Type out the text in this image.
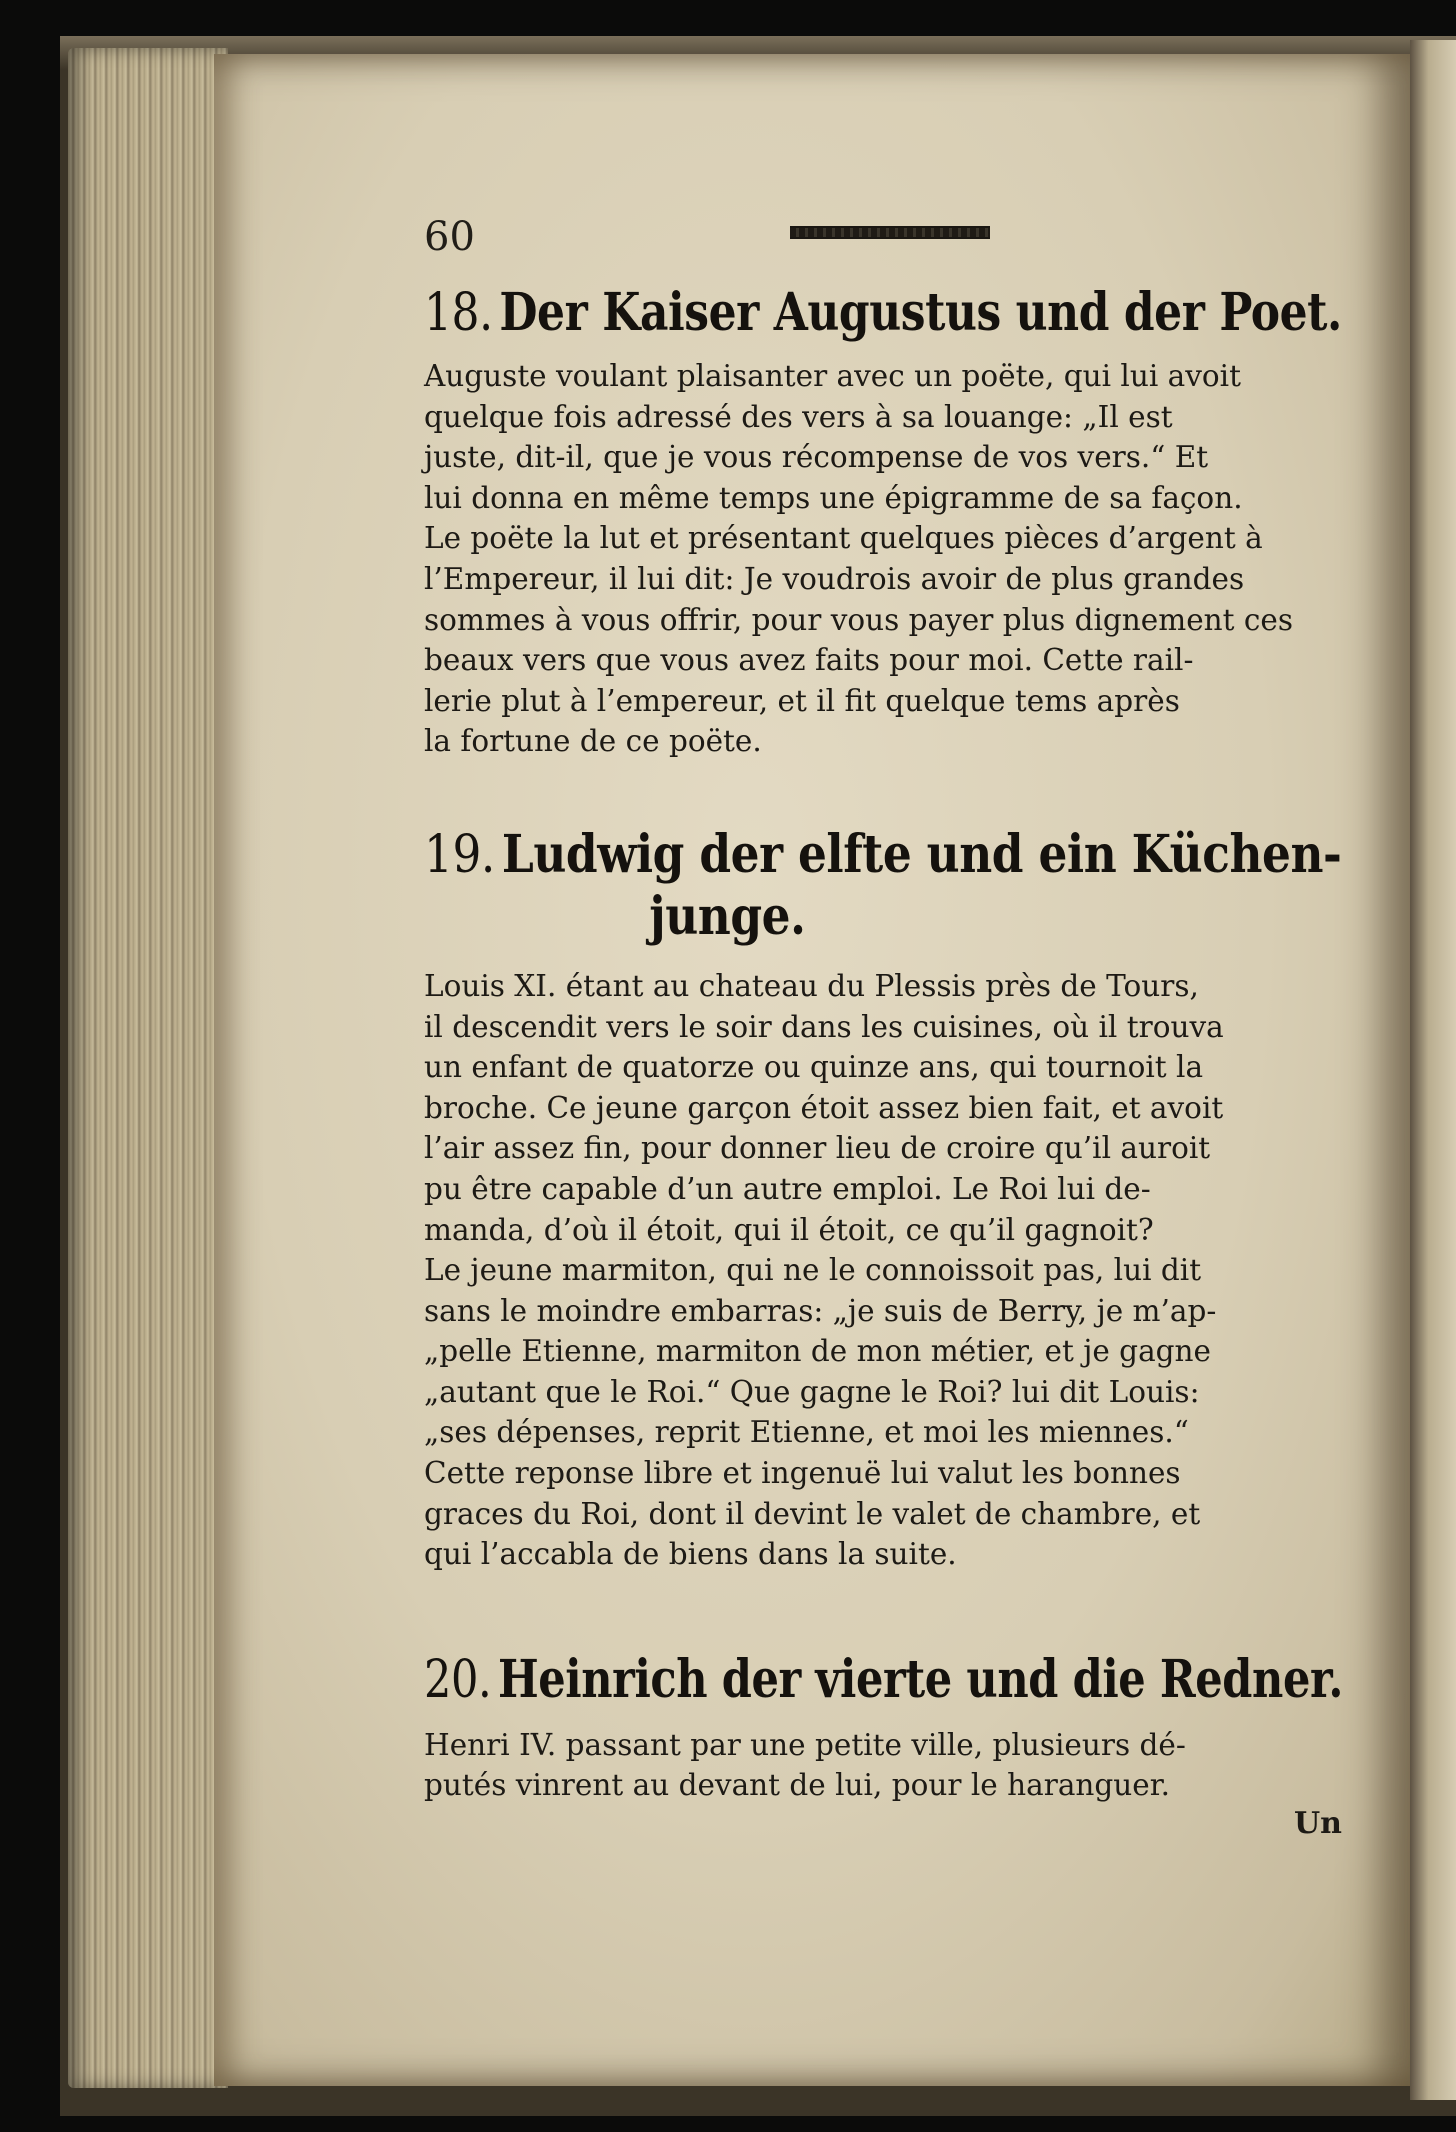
60
18. Der Kaiser Augustus und der Poet.

Auguste voulant plaisanter avec un poëte, qui lui avoit
quelque fois adressé des vers à sa louange: „Il est
juste, dit-il, que je vous récompense de vos vers.“ Et
lui donna en même temps une épigramme de sa façon.
Le poëte la lut et présentant quelques pièces d’argent à
l’Empereur, il lui dit: Je voudrois avoir de plus grandes
sommes à vous offrir, pour vous payer plus dignement ces
beaux vers que vous avez faits pour moi. Cette rail-
lerie plut à l’empereur, et il fit quelque tems après
la fortune de ce poëte.

19. Ludwig der elfte und ein Küchen-
junge.

Louis XI. étant au chateau du Plessis près de Tours,
il descendit vers le soir dans les cuisines, où il trouva
un enfant de quatorze ou quinze ans, qui tournoit la
broche. Ce jeune garçon étoit assez bien fait, et avoit
l’air assez fin, pour donner lieu de croire qu’il auroit
pu être capable d’un autre emploi. Le Roi lui de-
manda, d’où il étoit, qui il étoit, ce qu’il gagnoit?
Le jeune marmiton, qui ne le connoissoit pas, lui dit
sans le moindre embarras: „je suis de Berry, je m’ap-
„pelle Etienne, marmiton de mon métier, et je gagne
„autant que le Roi.“ Que gagne le Roi? lui dit Louis:
„ses dépenses, reprit Etienne, et moi les miennes.“
Cette reponse libre et ingenuë lui valut les bonnes
graces du Roi, dont il devint le valet de chambre, et
qui l’accabla de biens dans la suite.

20. Heinrich der vierte und die Redner.

Henri IV. passant par une petite ville, plusieurs dé-
putés vinrent au devant de lui, pour le haranguer.

Un
